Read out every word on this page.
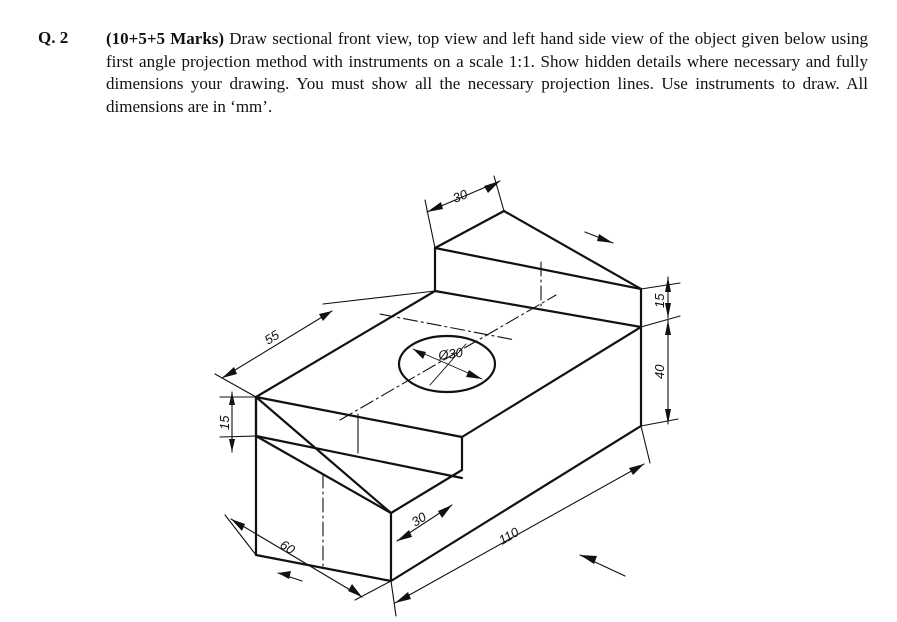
Q. 2 (10+5+5 Marks) Draw sectional front view, top view and left hand side view of the object given below using first angle projection method with instruments on a scale 1:1. Show hidden details where necessary and fully dimensions your drawing. You must show all the necessary projection lines. Use instruments to draw. All dimensions are in ‘mm’.
30
15
40
55
Ø30
15
60
30
110
